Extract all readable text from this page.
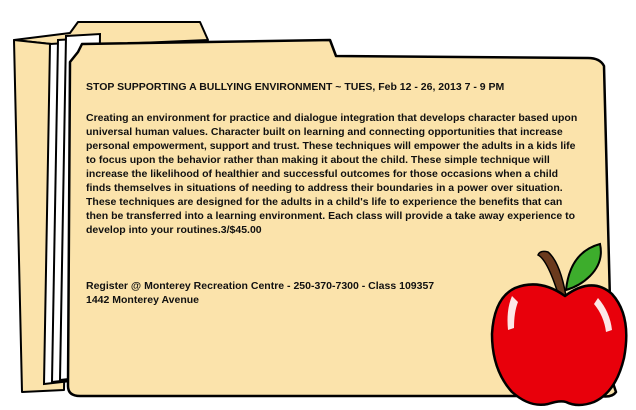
STOP SUPPORTING A BULLYING ENVIRONMENT ~ TUES, Feb 12 - 26, 2013 7 - 9 PM

Creating an environment for practice and dialogue integration that develops character based upon universal human values. Character built on learning and connecting opportunities that increase personal empowerment, support and trust. These techniques will empower the adults in a kids life to focus upon the behavior rather than making it about the child. These simple technique will increase the likelihood of healthier and successful outcomes for those occasions when a child finds themselves in situations of needing to address their boundaries in a power over situation. These techniques are designed for the adults in a child's life to experience the benefits that can then be transferred into a learning environment. Each class will provide a take away experience to develop into your routines.3/$45.00

Register @ Monterey Recreation Centre - 250-370-7300 - Class 109357

1442 Monterey Avenue
